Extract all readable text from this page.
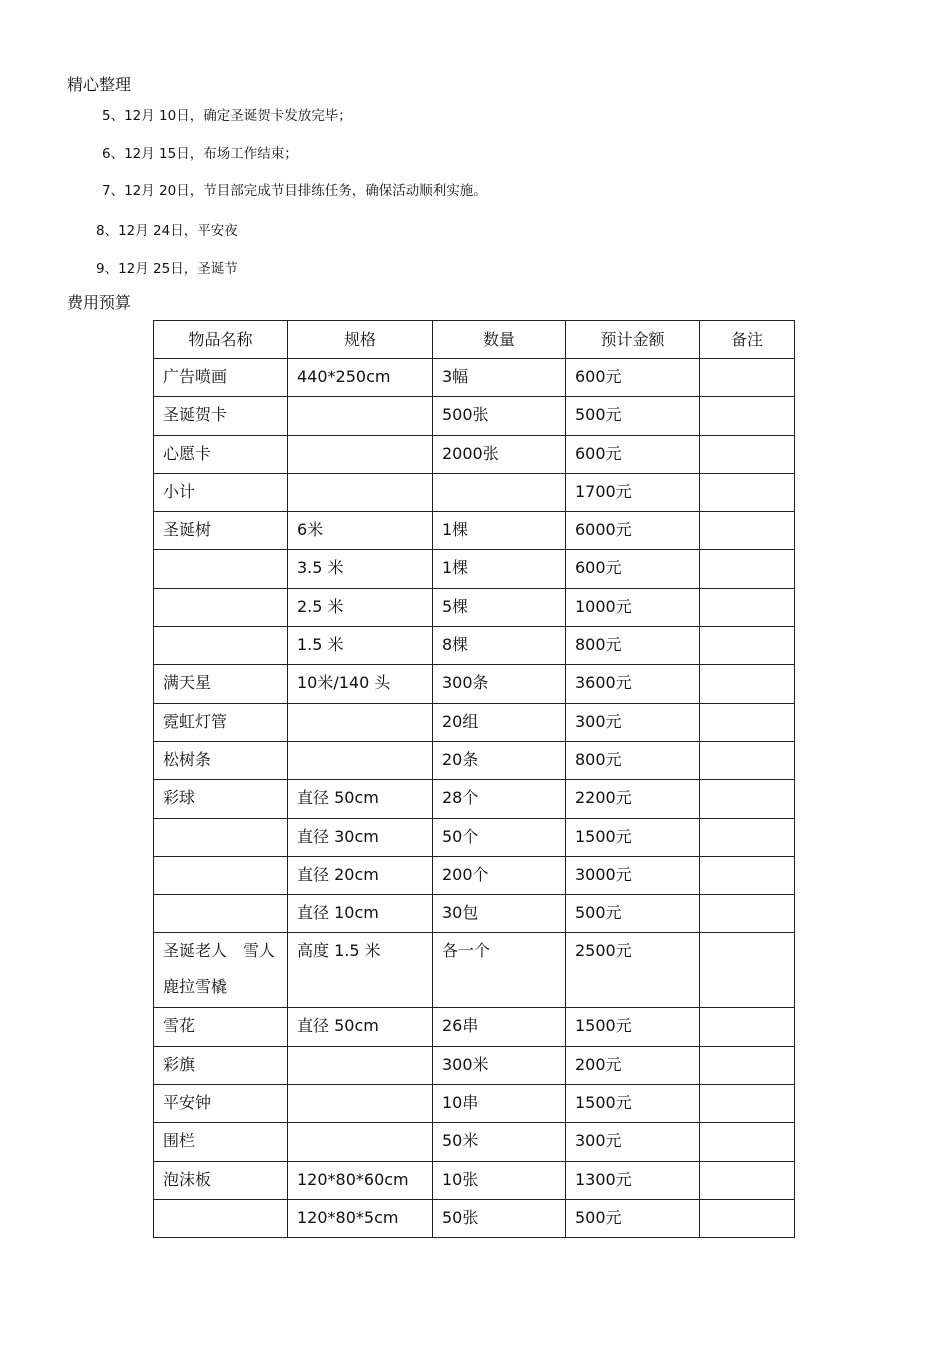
精心整理
5、12月 10日，确定圣诞贺卡发放完毕；
6、12月 15日，布场工作结束；
7、12月 20日，节目部完成节目排练任务，确保活动顺利实施。
8、12月 24日，平安夜
9、12月 25日，圣诞节
费用预算
物品名称	规格	数量	预计金额	备注
广告喷画	440*250cm	3幅	600元	
圣诞贺卡		500张	500元	
心愿卡		2000张	600元	
小计			1700元	
圣诞树	6米	1棵	6000元	
	3.5 米	1棵	600元	
	2.5 米	5棵	1000元	
	1.5 米	8棵	800元	
满天星	10米/140 头	300条	3600元	
霓虹灯管		20组	300元	
松树条		20条	800元	
彩球	直径 50cm	28个	2200元	
	直径 30cm	50个	1500元	
	直径 20cm	200个	3000元	
	直径 10cm	30包	500元	
圣诞老人　雪人 鹿拉雪橇	高度 1.5 米	各一个	2500元	
雪花	直径 50cm	26串	1500元	
彩旗		300米	200元	
平安钟		10串	1500元	
围栏		50米	300元	
泡沫板	120*80*60cm	10张	1300元	
	120*80*5cm	50张	500元	
